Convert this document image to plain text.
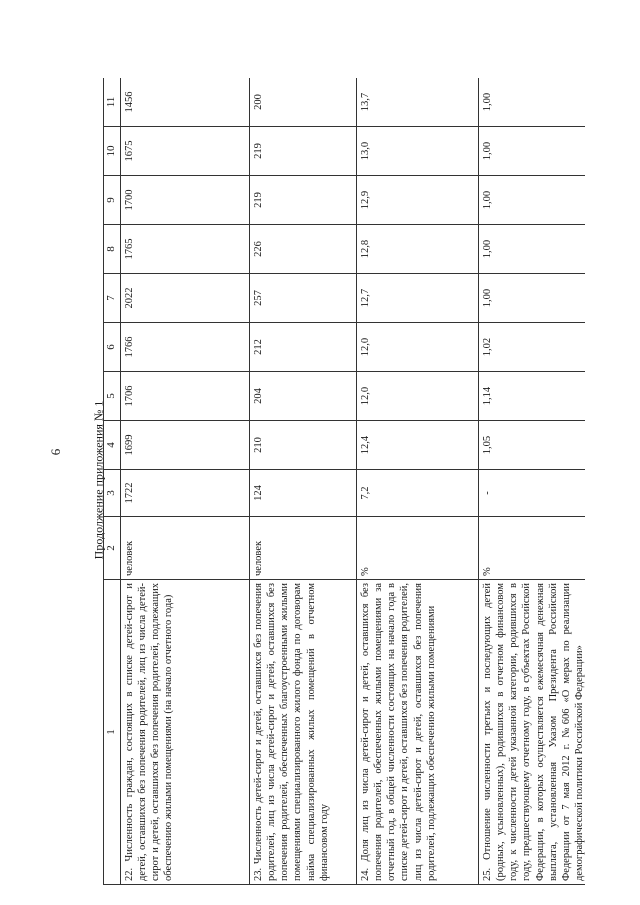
6 Продолжение приложения № 1
1	2	3	4	5	6	7	8	9	10	11
22. Численность граждан, состоящих в списке детей-сирот и детей, оставшихся без попечения родителей, лиц из числа детей-сирот и детей, оставшихся без попечения родителей, подлежащих обеспечению жилыми помещениями (на начало отчетного года)	человек	1722	1699	1706	1766	2022	1765	1700	1675	1456
23. Численность детей-сирот и детей, оставшихся без попечения родителей, лиц из числа детей-сирот и детей, оставшихся без попечения родителей, обеспеченных благоустроенными жилыми помещениями специализированного жилого фонда по договорам найма специализированных жилых помещений в отчетном финансовом году	человек	124	210	204	212	257	226	219	219	200
24. Доля лиц из числа детей-сирот и детей, оставшихся без попечения родителей, обеспеченных жилыми помещениями за отчетный год, в общей численности состоящих на начало года в списке детей-сирот и детей, оставшихся без попечения родителей, лиц из числа детей-сирот и детей, оставшихся без попечения родителей, подлежащих обеспечению жилыми помещениями	%	7,2	12,4	12,0	12,0	12,7	12,8	12,9	13,0	13,7
25. Отношение численности третьих и последующих детей (родных, усыновленных), родившихся в отчетном финансовом году, к численности детей указанной категории, родившихся в году, предшествующему отчетному году, в субъектах Российской Федерации, в которых осуществляется ежемесячная денежная выплата, установленная Указом Президента Российской Федерации от 7 мая 2012 г. №606 «О мерах по реализации демографической политики Российской Федерации»	%	-	1,05	1,14	1,02	1,00	1,00	1,00	1,00	1,00
